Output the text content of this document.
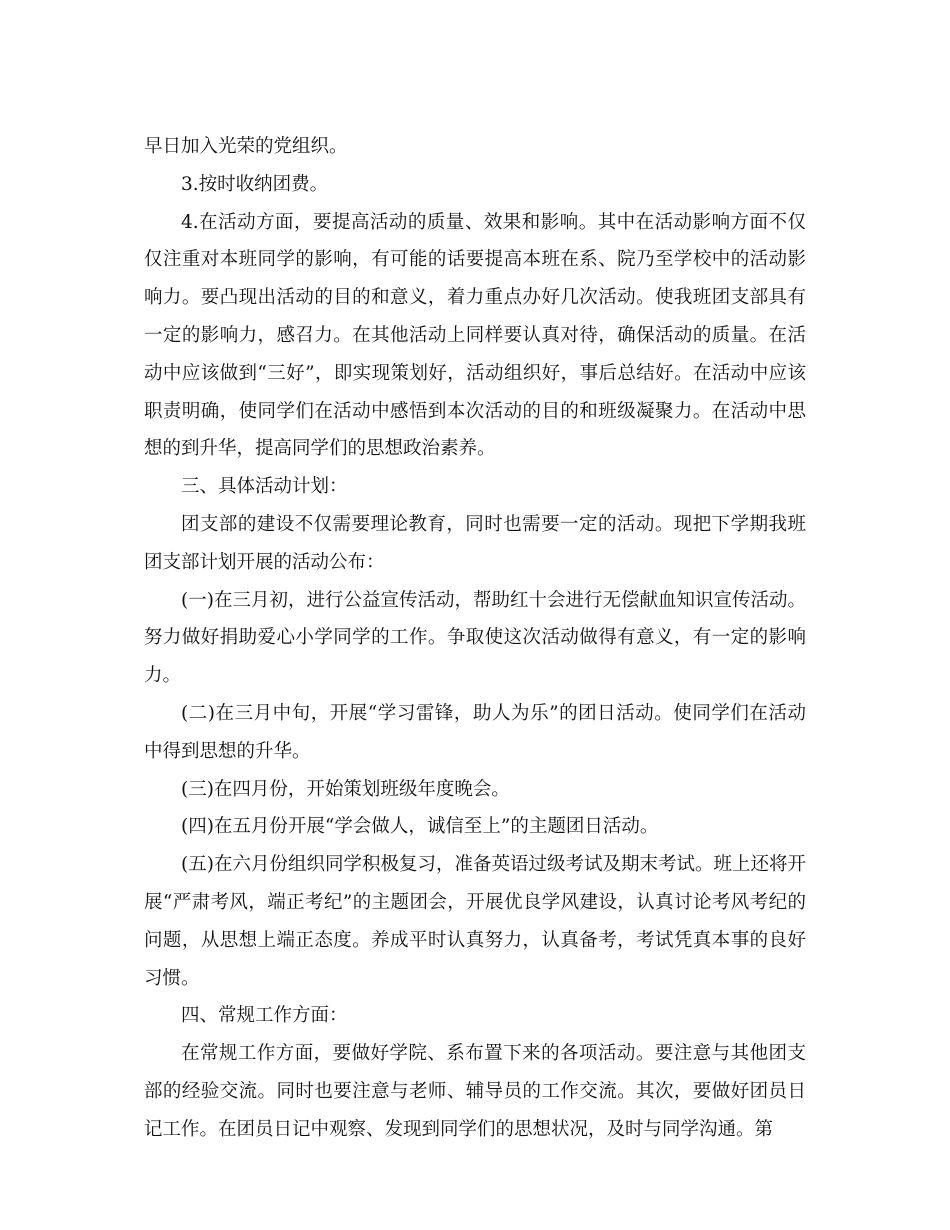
早日加入光荣的党组织。

3.按时收纳团费。

4.在活动方面，要提高活动的质量、效果和影响。其中在活动影响方面不仅仅注重对本班同学的影响，有可能的话要提高本班在系、院乃至学校中的活动影响力。要凸现出活动的目的和意义，着力重点办好几次活动。使我班团支部具有一定的影响力，感召力。在其他活动上同样要认真对待，确保活动的质量。在活动中应该做到“三好”，即实现策划好，活动组织好，事后总结好。在活动中应该职责明确，使同学们在活动中感悟到本次活动的目的和班级凝聚力。在活动中思想的到升华，提高同学们的思想政治素养。

三、具体活动计划：

团支部的建设不仅需要理论教育，同时也需要一定的活动。现把下学期我班团支部计划开展的活动公布：

(一)在三月初，进行公益宣传活动，帮助红十会进行无偿献血知识宣传活动。努力做好捐助爱心小学同学的工作。争取使这次活动做得有意义，有一定的影响力。

(二)在三月中旬，开展“学习雷锋，助人为乐”的团日活动。使同学们在活动中得到思想的升华。

(三)在四月份，开始策划班级年度晚会。

(四)在五月份开展“学会做人，诚信至上”的主题团日活动。

(五)在六月份组织同学积极复习，准备英语过级考试及期末考试。班上还将开展“严肃考风，端正考纪”的主题团会，开展优良学风建设，认真讨论考风考纪的问题，从思想上端正态度。养成平时认真努力，认真备考，考试凭真本事的良好习惯。

四、常规工作方面：

在常规工作方面，要做好学院、系布置下来的各项活动。要注意与其他团支部的经验交流。同时也要注意与老师、辅导员的工作交流。其次，要做好团员日记工作。在团员日记中观察、发现到同学们的思想状况，及时与同学沟通。第
